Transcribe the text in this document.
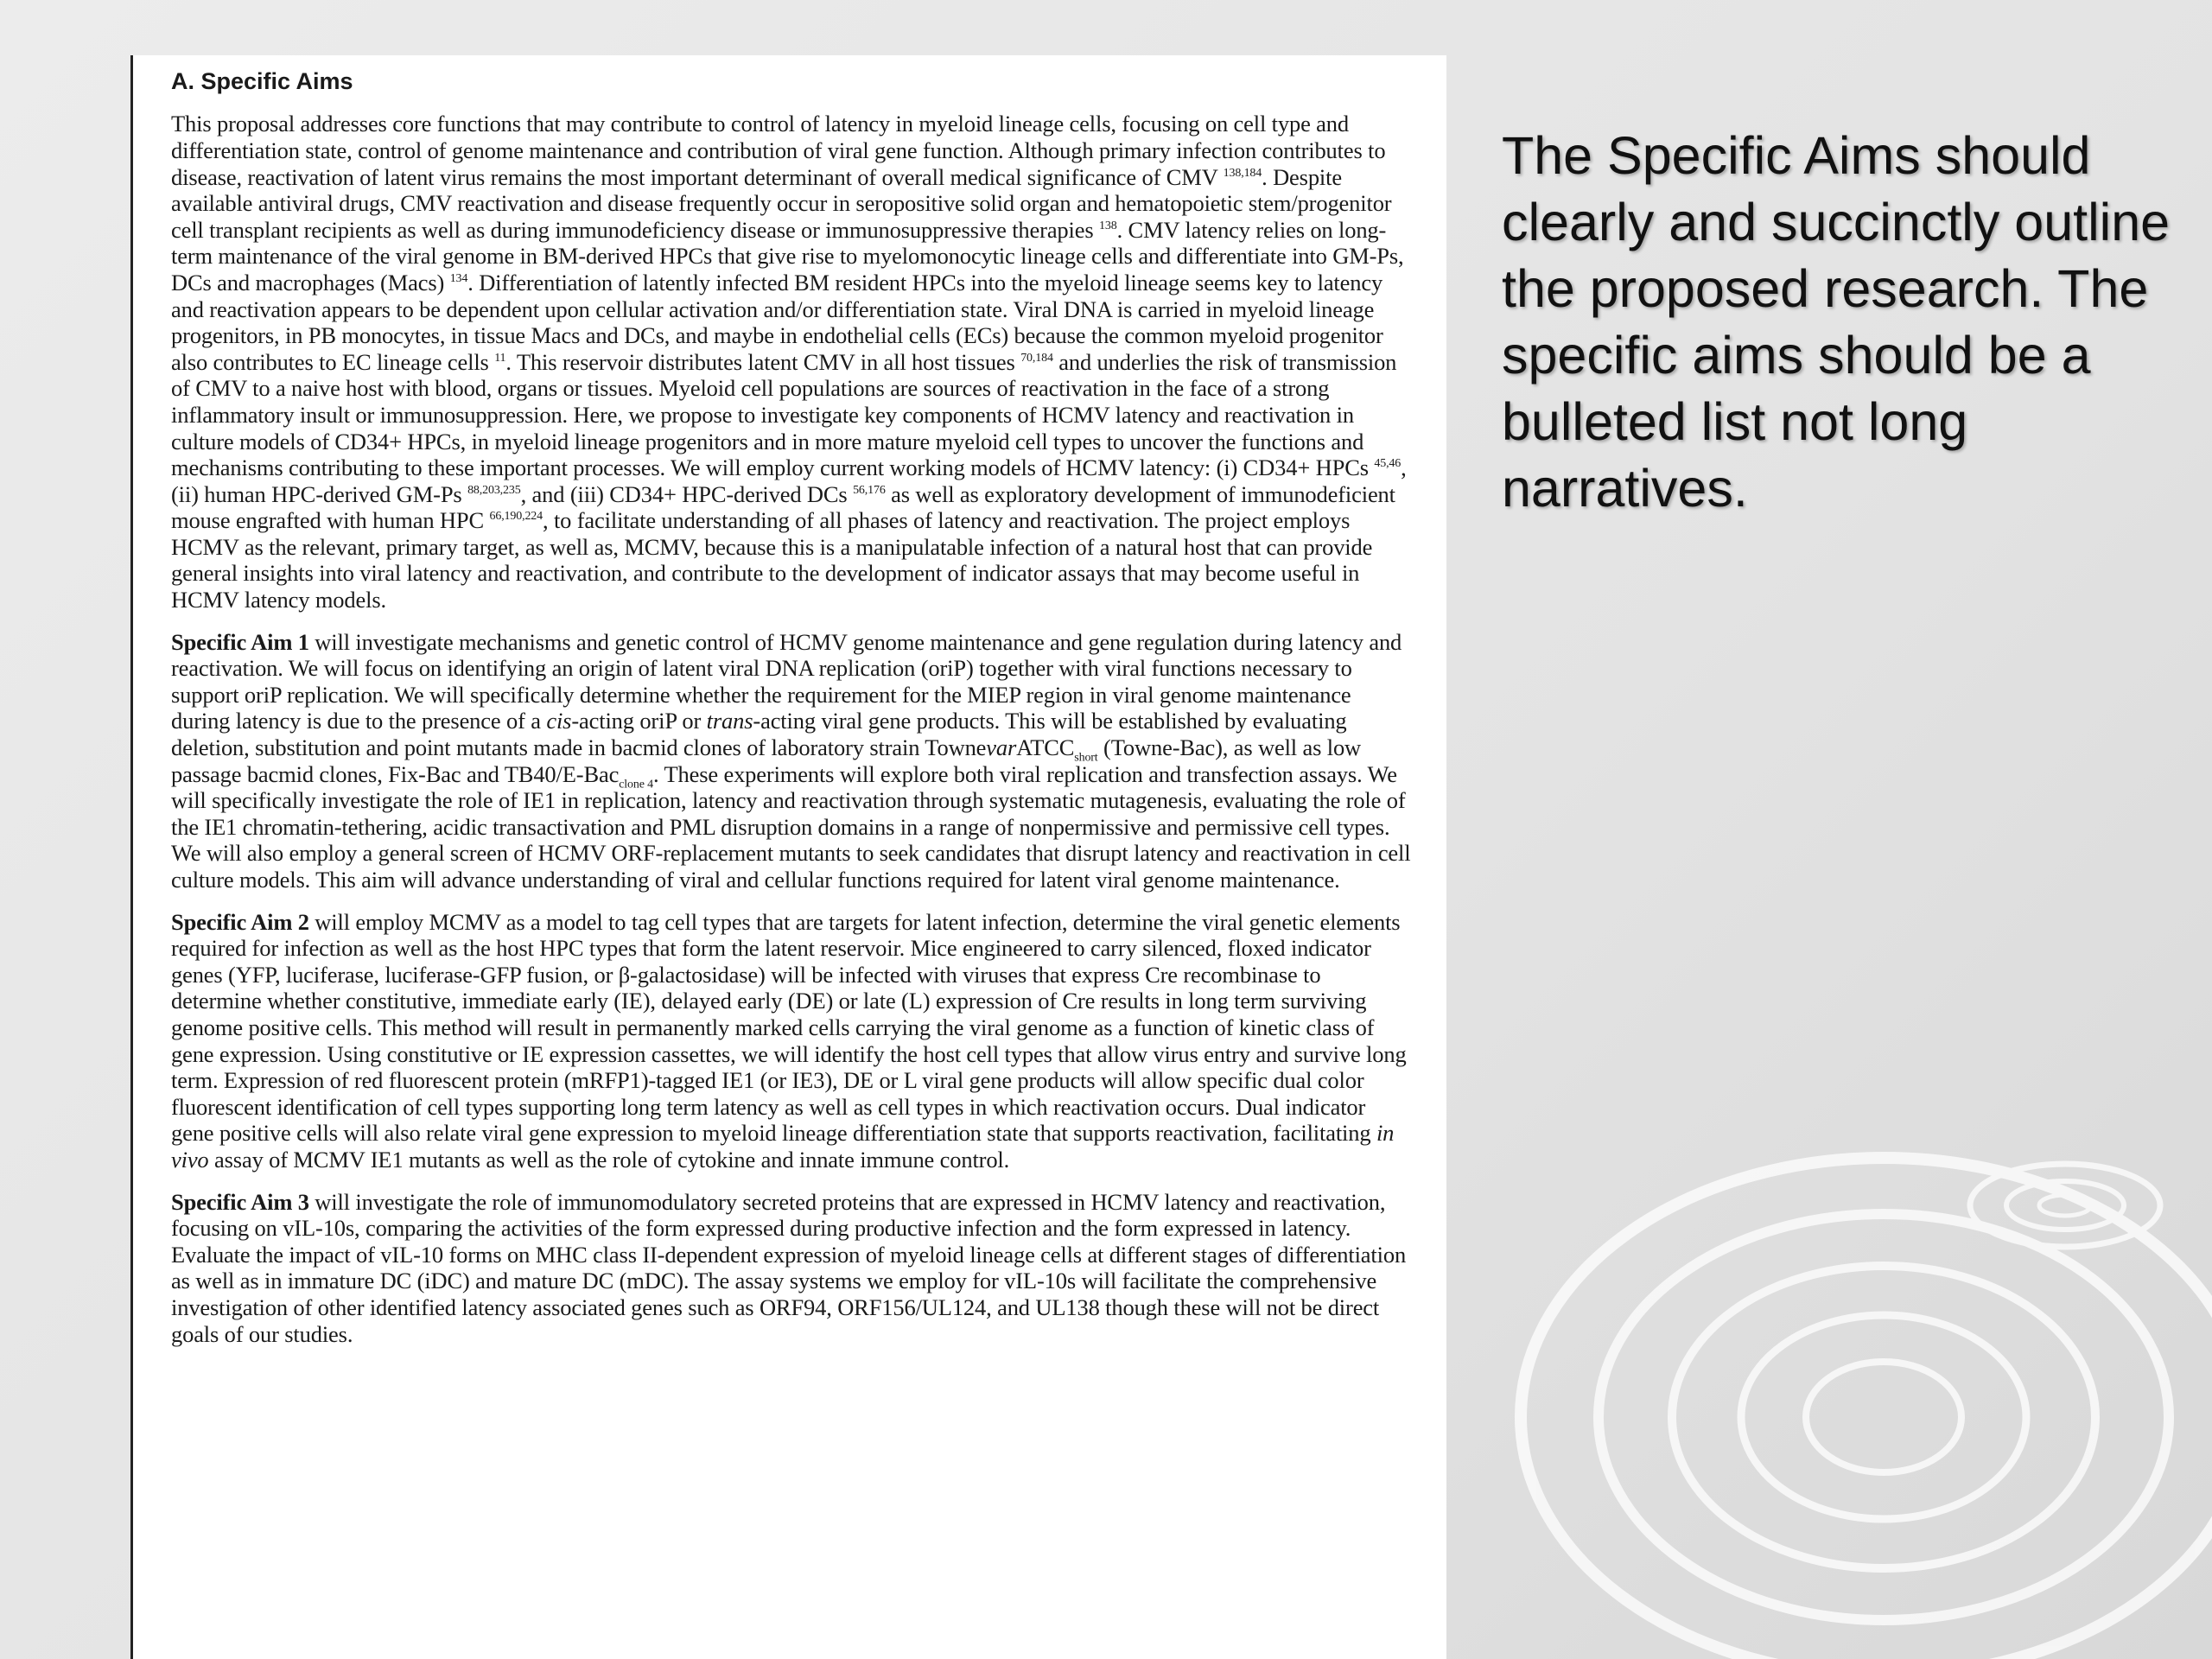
A. Specific Aims

This proposal addresses core functions that may contribute to control of latency in myeloid lineage cells, focusing on cell type and differentiation state, control of genome maintenance and contribution of viral gene function. Although primary infection contributes to disease, reactivation of latent virus remains the most important determinant of overall medical significance of CMV $^{138,184}$. Despite available antiviral drugs, CMV reactivation and disease frequently occur in seropositive solid organ and hematopoietic stem/progenitor cell transplant recipients as well as during immunodeficiency disease or immunosuppressive therapies $^{138}$. CMV latency relies on long-term maintenance of the viral genome in BM-derived HPCs that give rise to myelomonocytic lineage cells and differentiate into GM-Ps, DCs and macrophages (Macs) $^{134}$. Differentiation of latently infected BM resident HPCs into the myeloid lineage seems key to latency and reactivation appears to be dependent upon cellular activation and/or differentiation state. Viral DNA is carried in myeloid lineage progenitors, in PB monocytes, in tissue Macs and DCs, and maybe in endothelial cells (ECs) because the common myeloid progenitor also contributes to EC lineage cells $^{11}$. This reservoir distributes latent CMV in all host tissues $^{70,184}$ and underlies the risk of transmission of CMV to a naive host with blood, organs or tissues. Myeloid cell populations are sources of reactivation in the face of a strong inflammatory insult or immunosuppression. Here, we propose to investigate key components of HCMV latency and reactivation in culture models of CD34+ HPCs, in myeloid lineage progenitors and in more mature myeloid cell types to uncover the functions and mechanisms contributing to these important processes. We will employ current working models of HCMV latency: (i) CD34+ HPCs $^{45,46}$, (ii) human HPC-derived GM-Ps $^{88,203,235}$, and (iii) CD34+ HPC-derived DCs $^{56,176}$ as well as exploratory development of immunodeficient mouse engrafted with human HPC $^{66,190,224}$, to facilitate understanding of all phases of latency and reactivation. The project employs HCMV as the relevant, primary target, as well as, MCMV, because this is a manipulatable infection of a natural host that can provide general insights into viral latency and reactivation, and contribute to the development of indicator assays that may become useful in HCMV latency models.

Specific Aim 1 will investigate mechanisms and genetic control of HCMV genome maintenance and gene regulation during latency and reactivation. We will focus on identifying an origin of latent viral DNA replication (oriP) together with viral functions necessary to support oriP replication. We will specifically determine whether the requirement for the MIEP region in viral genome maintenance during latency is due to the presence of a cis-acting oriP or trans-acting viral gene products. This will be established by evaluating deletion, substitution and point mutants made in bacmid clones of laboratory strain TownevarATCC$_{short}$ (Towne-Bac), as well as low passage bacmid clones, Fix-Bac and TB40/E-Bac$_{clone 4}$. These experiments will explore both viral replication and transfection assays. We will specifically investigate the role of IE1 in replication, latency and reactivation through systematic mutagenesis, evaluating the role of the IE1 chromatin-tethering, acidic transactivation and PML disruption domains in a range of nonpermissive and permissive cell types. We will also employ a general screen of HCMV ORF-replacement mutants to seek candidates that disrupt latency and reactivation in cell culture models. This aim will advance understanding of viral and cellular functions required for latent viral genome maintenance.

Specific Aim 2 will employ MCMV as a model to tag cell types that are targets for latent infection, determine the viral genetic elements required for infection as well as the host HPC types that form the latent reservoir. Mice engineered to carry silenced, floxed indicator genes (YFP, luciferase, luciferase-GFP fusion, or β-galactosidase) will be infected with viruses that express Cre recombinase to determine whether constitutive, immediate early (IE), delayed early (DE) or late (L) expression of Cre results in long term surviving genome positive cells. This method will result in permanently marked cells carrying the viral genome as a function of kinetic class of gene expression. Using constitutive or IE expression cassettes, we will identify the host cell types that allow virus entry and survive long term. Expression of red fluorescent protein (mRFP1)-tagged IE1 (or IE3), DE or L viral gene products will allow specific dual color fluorescent identification of cell types supporting long term latency as well as cell types in which reactivation occurs. Dual indicator gene positive cells will also relate viral gene expression to myeloid lineage differentiation state that supports reactivation, facilitating in vivo assay of MCMV IE1 mutants as well as the role of cytokine and innate immune control.

Specific Aim 3 will investigate the role of immunomodulatory secreted proteins that are expressed in HCMV latency and reactivation, focusing on vIL-10s, comparing the activities of the form expressed during productive infection and the form expressed in latency. Evaluate the impact of vIL-10 forms on MHC class II-dependent expression of myeloid lineage cells at different stages of differentiation as well as in immature DC (iDC) and mature DC (mDC). The assay systems we employ for vIL-10s will facilitate the comprehensive investigation of other identified latency associated genes such as ORF94, ORF156/UL124, and UL138 though these will not be direct goals of our studies.

The Specific Aims should clearly and succinctly outline the proposed research. The specific aims should be a bulleted list not long narratives.
